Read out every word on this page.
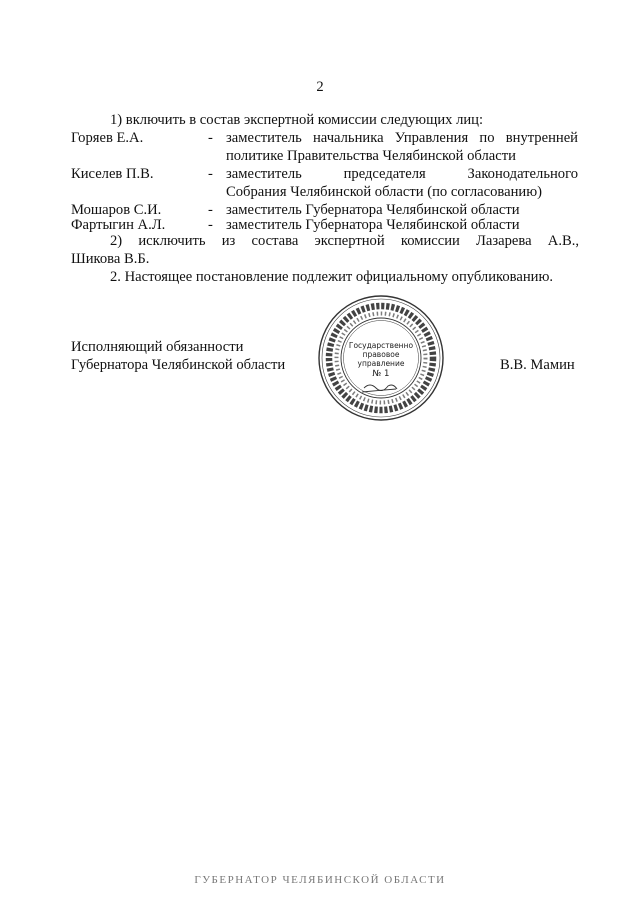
2
1) включить в состав экспертной комиссии следующих лиц:
Горяев Е.А.	- заместитель начальника Управления по внутренней
политике Правительства Челябинской области
Киселев П.В.	- заместитель председателя Законодательного
Собрания Челябинской области (по согласованию)
Мошаров С.И.	- заместитель Губернатора Челябинской области
Фартыгин А.Л.	- заместитель Губернатора Челябинской области
2) исключить из состава экспертной комиссии Лазарева А.В.,
Шикова В.Б.
2. Настоящее постановление подлежит официальному опубликованию.
Исполняющий обязанности
Губернатора Челябинской области	В.В. Мамин
Государственно
правовое
управление
№ 1
ГУБЕРНАТОР ЧЕЛЯБИНСКОЙ ОБЛАСТИ
